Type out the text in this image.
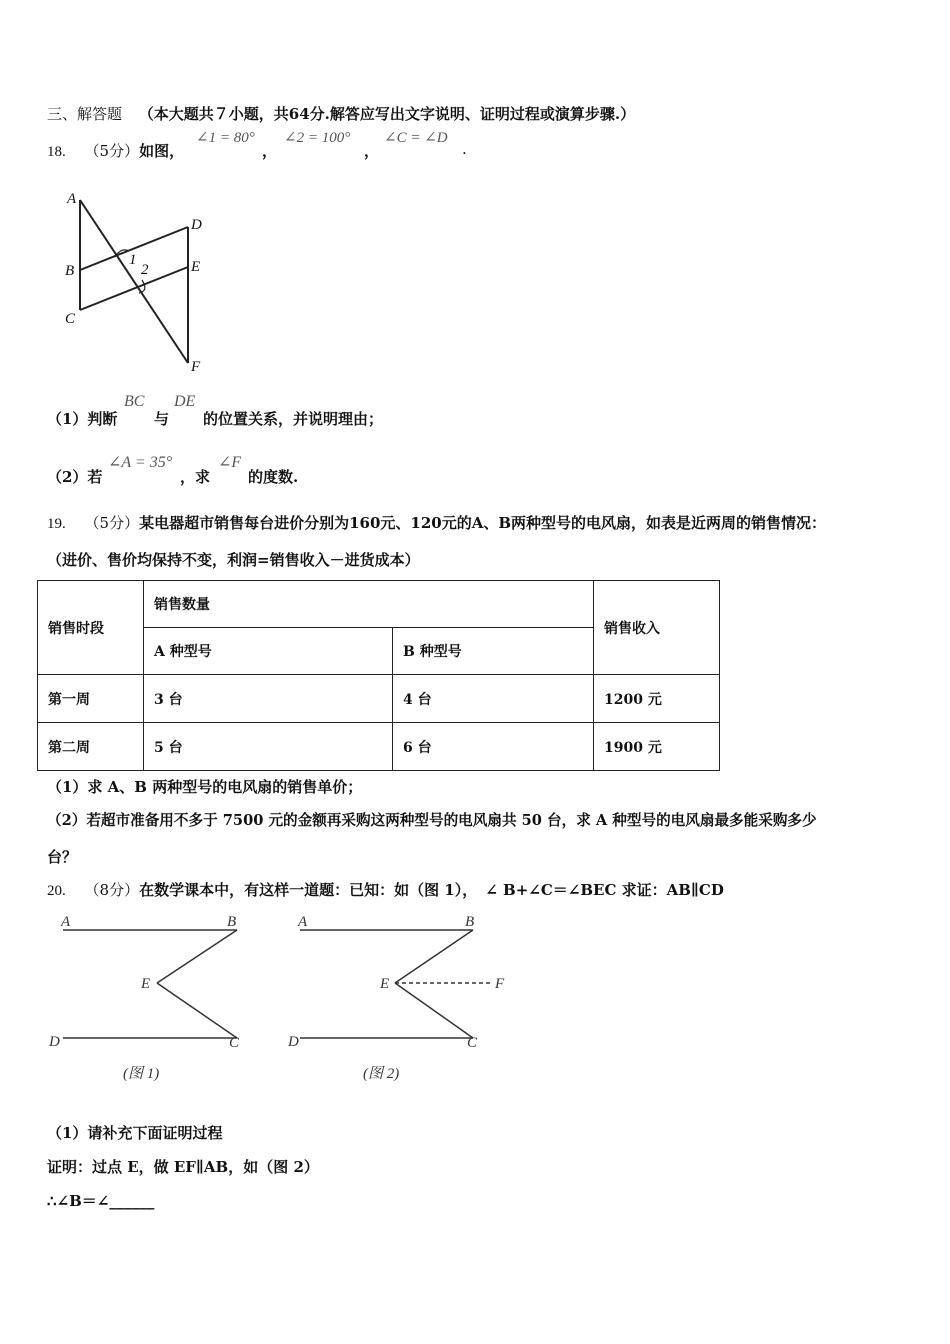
三、解答题 （本大题共７小题，共64分.解答应写出文字说明、证明过程或演算步骤.）
18. （5分）如图，
∠1 = 80°
，
∠2 = 100°
，
∠C = ∠D
.
A
B
C
D
E
F
1
2
（1）判断
BC
与
DE
的位置关系，并说明理由；
（2）若
∠A = 35°
，求
∠F
的度数.
19. （5分）某电器超市销售每台进价分别为160元、120元的A、B两种型号的电风扇，如表是近两周的销售情况：
（进价、售价均保持不变，利润=销售收入－进货成本）
销售时段	销售数量		销售收入
	A 种型号	B 种型号	
第一周	3 台	4 台	1200 元
第二周	5 台	6 台	1900 元
（1）求 A、B 两种型号的电风扇的销售单价；
（2）若超市准备用不多于 7500 元的金额再采购这两种型号的电风扇共 50 台，求 A 种型号的电风扇最多能采购多少
台？
20. （8分）在数学课本中，有这样一道题：已知：如（图 1）， ∠ B+∠C＝∠BEC 求证：AB∥CD
A	B
E
D	C
A	B
E	F
D	C
(图 1)	(图 2)
（1）请补充下面证明过程
证明：过点 E，做 EF∥AB，如（图 2）
∴∠B＝∠______
